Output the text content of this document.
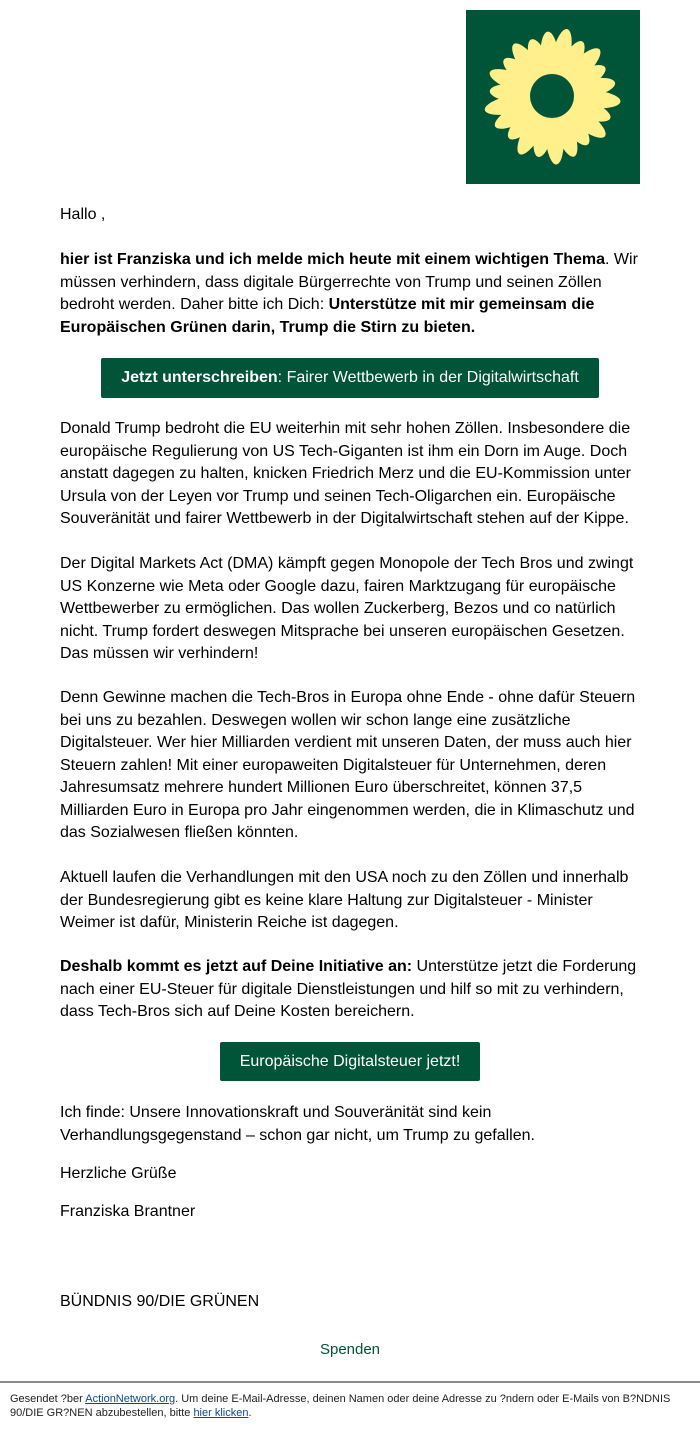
Hallo ,

hier ist Franziska und ich melde mich heute mit einem wichtigen Thema. Wir müssen verhindern, dass digitale Bürgerrechte von Trump und seinen Zöllen bedroht werden. Daher bitte ich Dich: Unterstütze mit mir gemeinsam die Europäischen Grünen darin, Trump die Stirn zu bieten.

Donald Trump bedroht die EU weiterhin mit sehr hohen Zöllen. Insbesondere die europäische Regulierung von US Tech-Giganten ist ihm ein Dorn im Auge. Doch anstatt dagegen zu halten, knicken Friedrich Merz und die EU-Kommission unter Ursula von der Leyen vor Trump und seinen Tech-Oligarchen ein. Europäische Souveränität und fairer Wettbewerb in der Digitalwirtschaft stehen auf der Kippe.

Der Digital Markets Act (DMA) kämpft gegen Monopole der Tech Bros und zwingt US Konzerne wie Meta oder Google dazu, fairen Marktzugang für europäische Wettbewerber zu ermöglichen. Das wollen Zuckerberg, Bezos und co natürlich nicht. Trump fordert deswegen Mitsprache bei unseren europäischen Gesetzen. Das müssen wir verhindern!

Denn Gewinne machen die Tech-Bros in Europa ohne Ende - ohne dafür Steuern bei uns zu bezahlen. Deswegen wollen wir schon lange eine zusätzliche Digitalsteuer. Wer hier Milliarden verdient mit unseren Daten, der muss auch hier Steuern zahlen! Mit einer europaweiten Digitalsteuer für Unternehmen, deren Jahresumsatz mehrere hundert Millionen Euro überschreitet, können 37,5 Milliarden Euro in Europa pro Jahr eingenommen werden, die in Klimaschutz und das Sozialwesen fließen könnten.

Aktuell laufen die Verhandlungen mit den USA noch zu den Zöllen und innerhalb der Bundesregierung gibt es keine klare Haltung zur Digitalsteuer - Minister Weimer ist dafür, Ministerin Reiche ist dagegen.

Deshalb kommt es jetzt auf Deine Initiative an: Unterstütze jetzt die Forderung nach einer EU-Steuer für digitale Dienstleistungen und hilf so mit zu verhindern, dass Tech-Bros sich auf Deine Kosten bereichern.

Ich finde: Unsere Innovationskraft und Souveränität sind kein Verhandlungsgegenstand – schon gar nicht, um Trump zu gefallen.

Herzliche Grüße

Franziska Brantner

BÜNDNIS 90/DIE GRÜNEN

Jetzt unterschreiben: Fairer Wettbewerb in der Digitalwirtschaft
Europäische Digitalsteuer jetzt!
Spenden
Gesendet ?ber ActionNetwork.org. Um deine E-Mail-Adresse, deinen Namen oder deine Adresse zu ?ndern oder E-Mails von B?NDNIS 90/DIE GR?NEN abzubestellen, bitte hier klicken.
